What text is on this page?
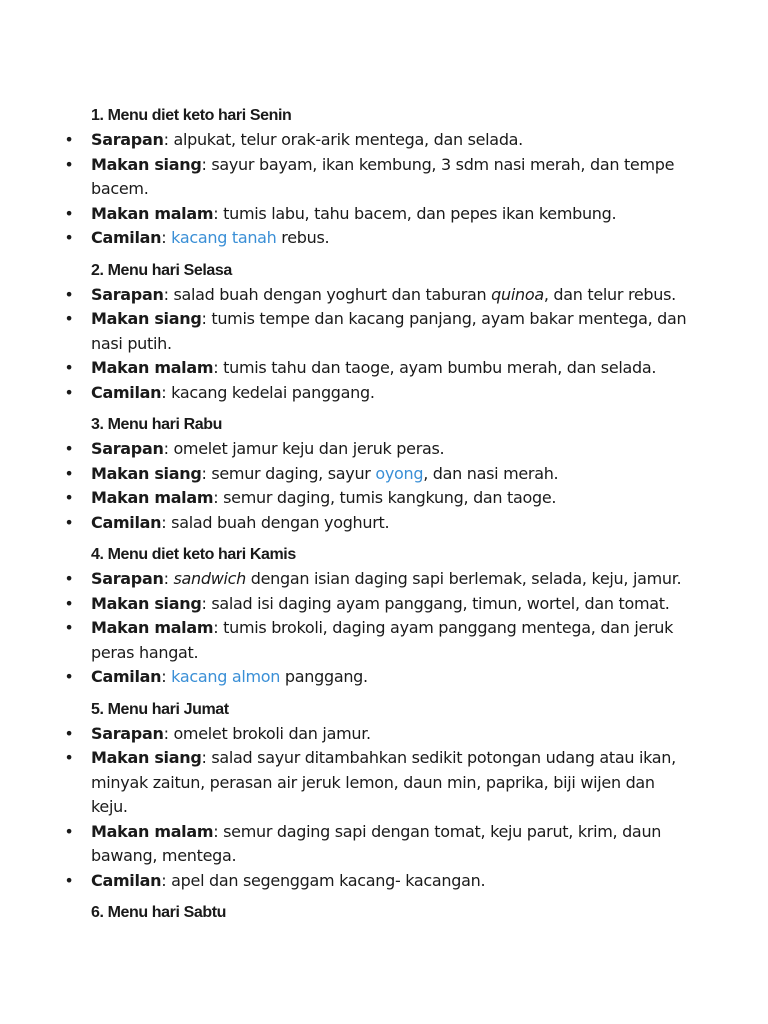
1. Menu diet keto hari Senin

• Sarapan: alpukat, telur orak-arik mentega, dan selada.
• Makan siang: sayur bayam, ikan kembung, 3 sdm nasi merah, dan tempe bacem.
• Makan malam: tumis labu, tahu bacem, dan pepes ikan kembung.
• Camilan: kacang tanah rebus.

2. Menu hari Selasa

• Sarapan: salad buah dengan yoghurt dan taburan quinoa, dan telur rebus.
• Makan siang: tumis tempe dan kacang panjang, ayam bakar mentega, dan nasi putih.
• Makan malam: tumis tahu dan taoge, ayam bumbu merah, dan selada.
• Camilan: kacang kedelai panggang.

3. Menu hari Rabu

• Sarapan: omelet jamur keju dan jeruk peras.
• Makan siang: semur daging, sayur oyong, dan nasi merah.
• Makan malam: semur daging, tumis kangkung, dan taoge.
• Camilan: salad buah dengan yoghurt.

4. Menu diet keto hari Kamis

• Sarapan: sandwich dengan isian daging sapi berlemak, selada, keju, jamur.
• Makan siang: salad isi daging ayam panggang, timun, wortel, dan tomat.
• Makan malam: tumis brokoli, daging ayam panggang mentega, dan jeruk peras hangat.
• Camilan: kacang almon panggang.

5. Menu hari Jumat

• Sarapan: omelet brokoli dan jamur.
• Makan siang: salad sayur ditambahkan sedikit potongan udang atau ikan, minyak zaitun, perasan air jeruk lemon, daun min, paprika, biji wijen dan keju.
• Makan malam: semur daging sapi dengan tomat, keju parut, krim, daun bawang, mentega.
• Camilan: apel dan segenggam kacang- kacangan.

6. Menu hari Sabtu
